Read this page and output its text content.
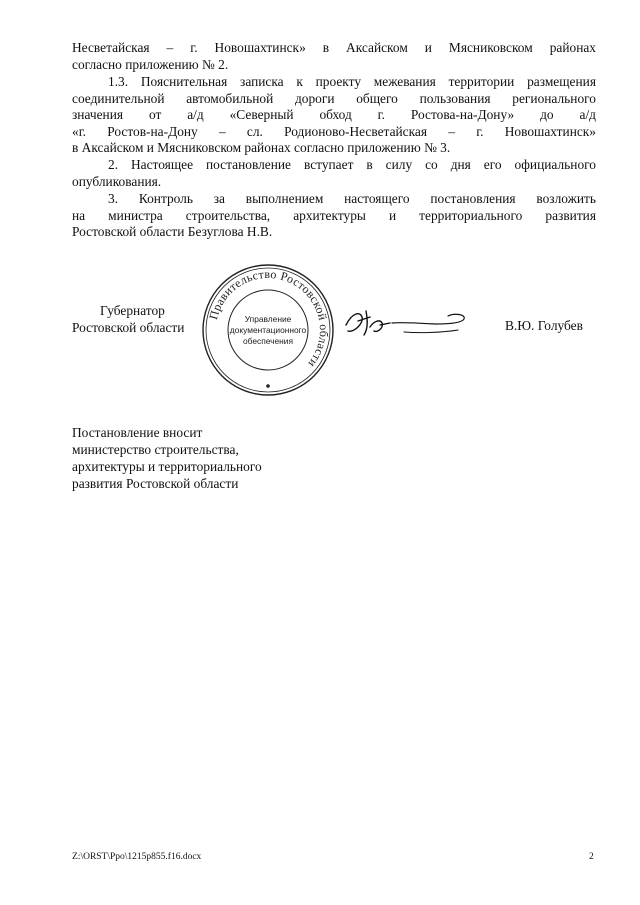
Несветайская – г. Новошахтинск» в Аксайском и Мясниковском районах
согласно приложению № 2.
1.3. Пояснительная записка к проекту межевания территории размещения
соединительной автомобильной дороги общего пользования регионального
значения от а/д «Северный обход г. Ростова-на-Дону» до а/д
«г. Ростов-на-Дону – сл. Родионово-Несветайская – г. Новошахтинск»
в Аксайском и Мясниковском районах согласно приложению № 3.
2. Настоящее постановление вступает в силу со дня его официального
опубликования.
3. Контроль за выполнением настоящего постановления возложить
на министра строительства, архитектуры и территориального развития
Ростовской области Безуглова Н.В.
Губернатор
Ростовской области
Правительство Ростовской области
Управление
документационного
обеспечения
В.Ю. Голубев
Постановление вносит
министерство строительства,
архитектуры и территориального
развития Ростовской области
Z:\ORST\Ppo\1215p855.f16.docx	2
